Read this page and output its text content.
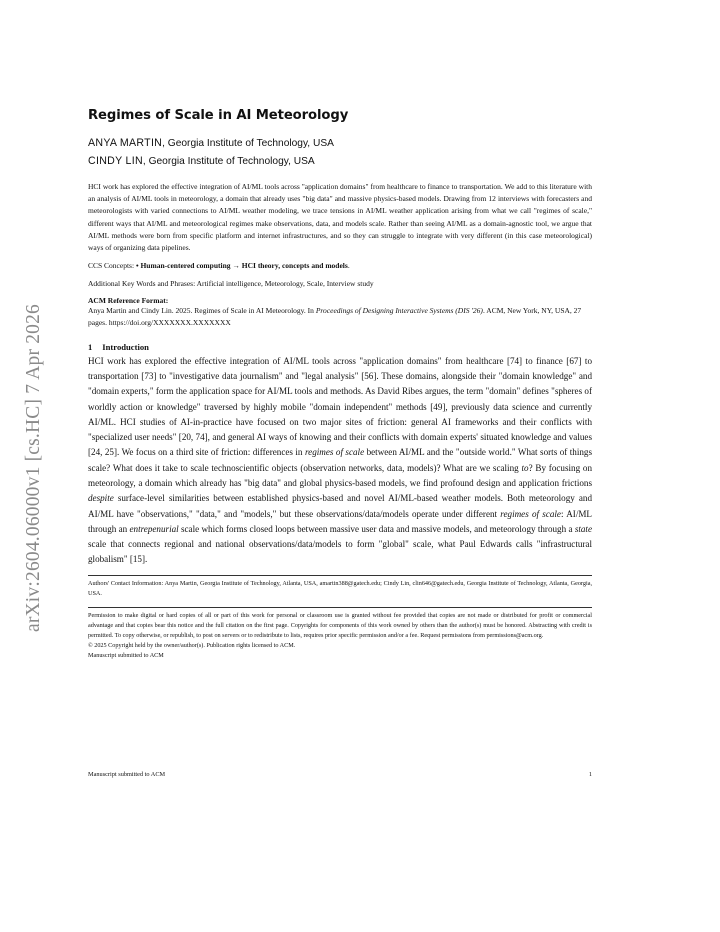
arXiv:2604.06000v1 [cs.HC] 7 Apr 2026
Regimes of Scale in AI Meteorology
ANYA MARTIN, Georgia Institute of Technology, USA
CINDY LIN, Georgia Institute of Technology, USA

HCI work has explored the effective integration of AI/ML tools across "application domains" from healthcare to finance to transportation. We add to this literature with an analysis of AI/ML tools in meteorology, a domain that already uses "big data" and massive physics-based models. Drawing from 12 interviews with forecasters and meteorologists with varied connections to AI/ML weather modeling, we trace tensions in AI/ML weather application arising from what we call "regimes of scale," different ways that AI/ML and meteorological regimes make observations, data, and models scale. Rather than seeing AI/ML as a domain-agnostic tool, we argue that AI/ML methods were born from specific platform and internet infrastructures, and so they can struggle to integrate with very different (in this case meteorological) ways of organizing data pipelines.

CCS Concepts: • Human-centered computing → HCI theory, concepts and models.

Additional Key Words and Phrases: Artificial intelligence, Meteorology, Scale, Interview study

ACM Reference Format:

Anya Martin and Cindy Lin. 2025. Regimes of Scale in AI Meteorology. In Proceedings of Designing Interactive Systems (DIS '26). ACM, New York, NY, USA, 27 pages. https://doi.org/XXXXXXX.XXXXXXX

1 Introduction

HCI work has explored the effective integration of AI/ML tools across "application domains" from healthcare [74] to finance [67] to transportation [73] to "investigative data journalism" and "legal analysis" [56]. These domains, alongside their "domain knowledge" and "domain experts," form the application space for AI/ML tools and methods. As David Ribes argues, the term "domain" defines "spheres of worldly action or knowledge" traversed by highly mobile "domain independent" methods [49], previously data science and currently AI/ML. HCI studies of AI-in-practice have focused on two major sites of friction: general AI frameworks and their conflicts with "specialized user needs" [20, 74], and general AI ways of knowing and their conflicts with domain experts' situated knowledge and values [24, 25]. We focus on a third site of friction: differences in regimes of scale between AI/ML and the "outside world." What sorts of things scale? What does it take to scale technoscientific objects (observation networks, data, models)? What are we scaling to? By focusing on meteorology, a domain which already has "big data" and global physics-based models, we find profound design and application frictions despite surface-level similarities between established physics-based and novel AI/ML-based weather models. Both meteorology and AI/ML have "observations," "data," and "models," but these observations/data/models operate under different regimes of scale: AI/ML through an entrepenurial scale which forms closed loops between massive user data and massive models, and meteorology through a state scale that connects regional and national observations/data/models to form "global" scale, what Paul Edwards calls "infrastructural globalism" [15].

Authors' Contact Information: Anya Martin, Georgia Institute of Technology, Atlanta, USA, amartin388@gatech.edu; Cindy Lin, clin646@gatech.edu, Georgia Institute of Technology, Atlanta, Georgia, USA.

Permission to make digital or hard copies of all or part of this work for personal or classroom use is granted without fee provided that copies are not made or distributed for profit or commercial advantage and that copies bear this notice and the full citation on the first page. Copyrights for components of this work owned by others than the author(s) must be honored. Abstracting with credit is permitted. To copy otherwise, or republish, to post on servers or to redistribute to lists, requires prior specific permission and/or a fee. Request permissions from permissions@acm.org.

© 2025 Copyright held by the owner/author(s). Publication rights licensed to ACM.

Manuscript submitted to ACM

Manuscript submitted to ACM	1
